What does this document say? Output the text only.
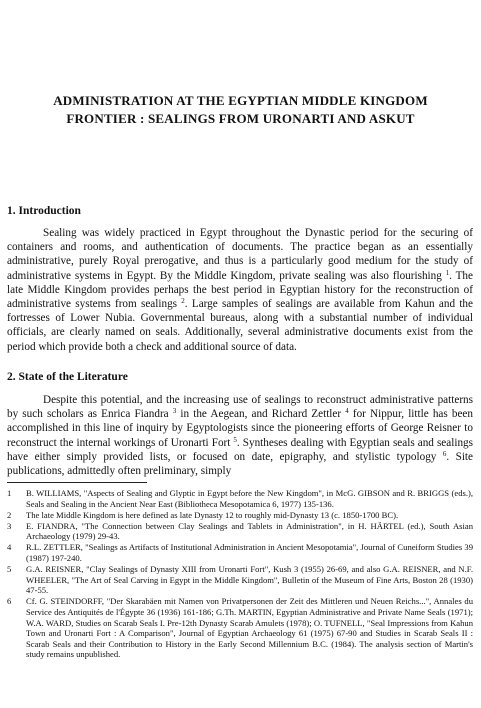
ADMINISTRATION AT THE EGYPTIAN MIDDLE KINGDOM
FRONTIER : SEALINGS FROM URONARTI AND ASKUT
1. Introduction

Sealing was widely practiced in Egypt throughout the Dynastic period for the securing of containers and rooms, and authentication of documents. The practice began as an essentially administrative, purely Royal prerogative, and thus is a particularly good medium for the study of administrative systems in Egypt. By the Middle Kingdom, private sealing was also flourishing $^1$. The late Middle Kingdom provides perhaps the best period in Egyptian history for the reconstruction of administrative systems from sealings $^2$. Large samples of sealings are available from Kahun and the fortresses of Lower Nubia. Governmental bureaus, along with a substantial number of individual officials, are clearly named on seals. Additionally, several administrative documents exist from the period which provide both a check and additional source of data.

2. State of the Literature

Despite this potential, and the increasing use of sealings to reconstruct administrative patterns by such scholars as Enrica Fiandra $^3$ in the Aegean, and Richard Zettler $^4$ for Nippur, little has been accomplished in this line of inquiry by Egyptologists since the pioneering efforts of George Reisner to reconstruct the internal workings of Uronarti Fort $^5$. Syntheses dealing with Egyptian seals and sealings have either simply provided lists, or focused on date, epigraphy, and stylistic typology $^6$. Site publications, admittedly often preliminary, simply

1	B. WILLIAMS, "Aspects of Sealing and Glyptic in Egypt before the New Kingdom", in McG. GIBSON and R. BRIGGS (eds.), Seals and Sealing in the Ancient Near East (Bibliotheca Mesopotamica 6, 1977) 135-136.
2	The late Middle Kingdom is here defined as late Dynasty 12 to roughly mid-Dynasty 13 (c. 1850-1700 BC).
3	E. FIANDRA, "The Connection between Clay Sealings and Tablets in Administration", in H. HÄRTEL (ed.), South Asian Archaeology (1979) 29-43.
4	R.L. ZETTLER, "Sealings as Artifacts of Institutional Administration in Ancient Mesopotamia", Journal of Cuneiform Studies 39 (1987) 197-240.
5	G.A. REISNER, "Clay Sealings of Dynasty XIII from Uronarti Fort", Kush 3 (1955) 26-69, and also G.A. REISNER, and N.F. WHEELER, "The Art of Seal Carving in Egypt in the Middle Kingdom", Bulletin of the Museum of Fine Arts, Boston 28 (1930) 47-55.
6	Cf. G. STEINDORFF, "Der Skarabäen mit Namen von Privatpersonen der Zeit des Mittleren und Neuen Reichs...", Annales du Service des Antiquités de l'Égypte 36 (1936) 161-186; G.Th. MARTIN, Egyptian Administrative and Private Name Seals (1971); W.A. WARD, Studies on Scarab Seals I. Pre-12th Dynasty Scarab Amulets (1978); O. TUFNELL, "Seal Impressions from Kahun Town and Uronarti Fort : A Comparison", Journal of Egyptian Archaeology 61 (1975) 67-90 and Studies in Scarab Seals II : Scarab Seals and their Contribution to History in the Early Second Millennium B.C. (1984). The analysis section of Martin's study remains unpublished.
